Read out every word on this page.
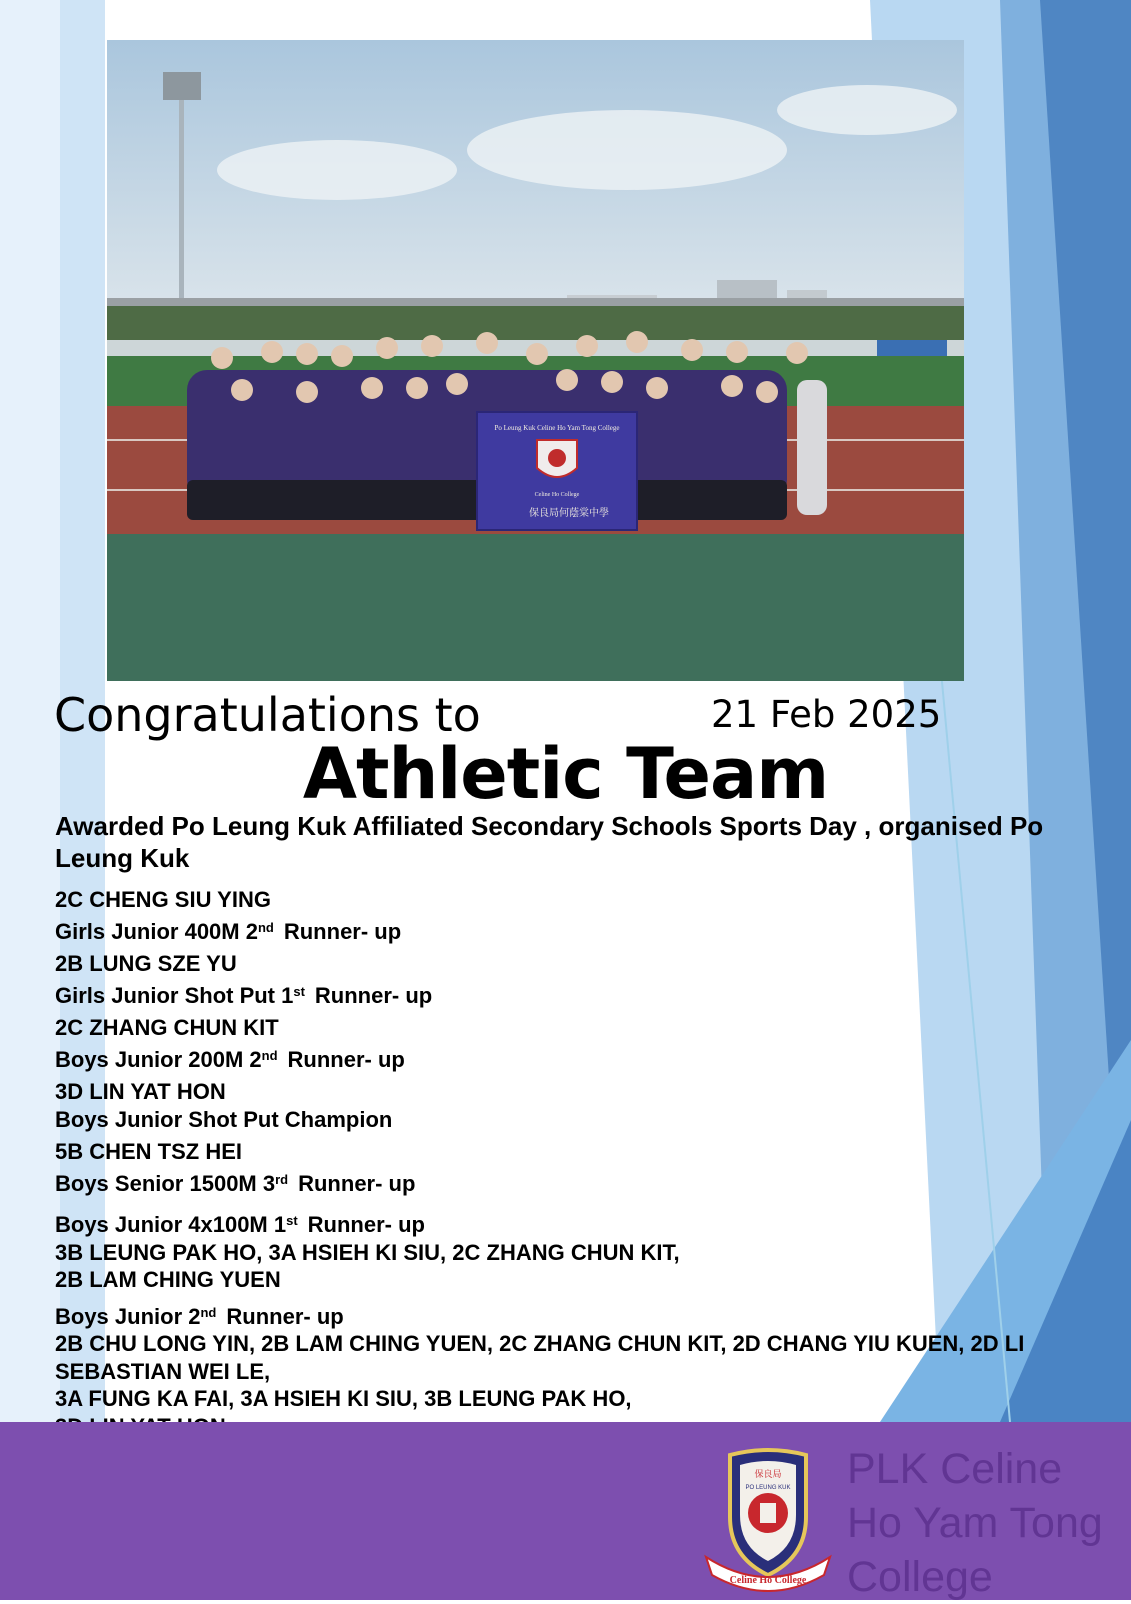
Po Leung Kuk Celine Ho Yam Tong College
Celine Ho College
保良局何蔭棠中學
Congratulations to	21 Feb 2025
Athletic Team
Awarded Po Leung Kuk Affiliated Secondary Schools Sports Day , organised Po Leung Kuk
2C CHENG SIU YING
Girls Junior 400M 2nd Runner- up
2B LUNG SZE YU
Girls Junior Shot Put 1st Runner- up
2C ZHANG CHUN KIT
Boys Junior 200M 2nd Runner- up
3D LIN YAT HON
Boys Junior Shot Put Champion
5B CHEN TSZ HEI
Boys Senior 1500M 3rd Runner- up
Boys Junior 4x100M 1st Runner- up
3B LEUNG PAK HO, 3A HSIEH KI SIU, 2C ZHANG CHUN KIT,
2B LAM CHING YUEN
Boys Junior 2nd Runner- up
2B CHU LONG YIN, 2B LAM CHING YUEN, 2C ZHANG CHUN KIT, 2D CHANG YIU KUEN, 2D LI SEBASTIAN WEI LE,
3A FUNG KA FAI, 3A HSIEH KI SIU, 3B LEUNG PAK HO,
保良局
PO LEUNG KUK
Celine Ho College
PLK Celine Ho Yam Tong College
